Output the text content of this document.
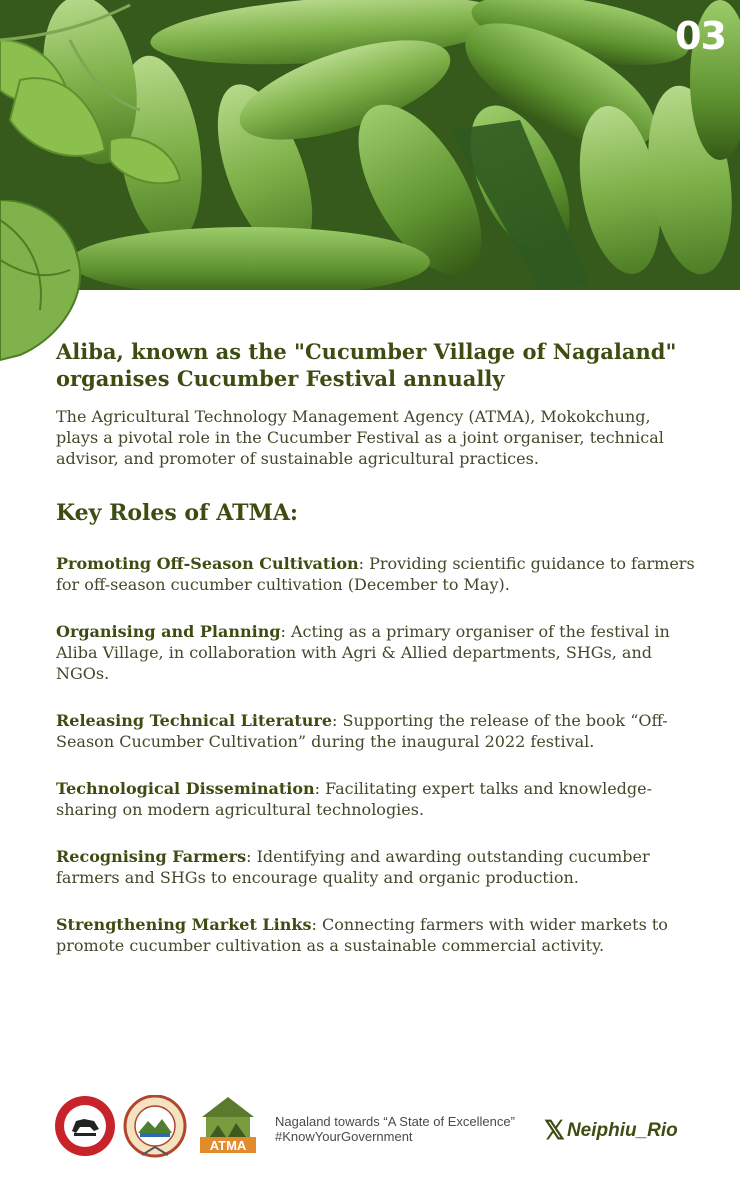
03
Aliba, known as the "Cucumber Village of Nagaland" organises Cucumber Festival annually

The Agricultural Technology Management Agency (ATMA), Mokokchung, plays a pivotal role in the Cucumber Festival as a joint organiser, technical advisor, and promoter of sustainable agricultural practices.

Key Roles of ATMA:

Promoting Off-Season Cultivation: Providing scientific guidance to farmers for off-season cucumber cultivation (December to May).

Organising and Planning: Acting as a primary organiser of the festival in Aliba Village, in collaboration with Agri & Allied departments, SHGs, and NGOs.

Releasing Technical Literature: Supporting the release of the book “Off-Season Cucumber Cultivation” during the inaugural 2022 festival.

Technological Dissemination: Facilitating expert talks and knowledge-sharing on modern agricultural technologies.

Recognising Farmers: Identifying and awarding outstanding cucumber farmers and SHGs to encourage quality and organic production.

Strengthening Market Links: Connecting farmers with wider markets to promote cucumber cultivation as a sustainable commercial activity.

ATMA
Nagaland towards “A State of Excellence”
#KnowYourGovernment	𝕏 Neiphiu_Rio
